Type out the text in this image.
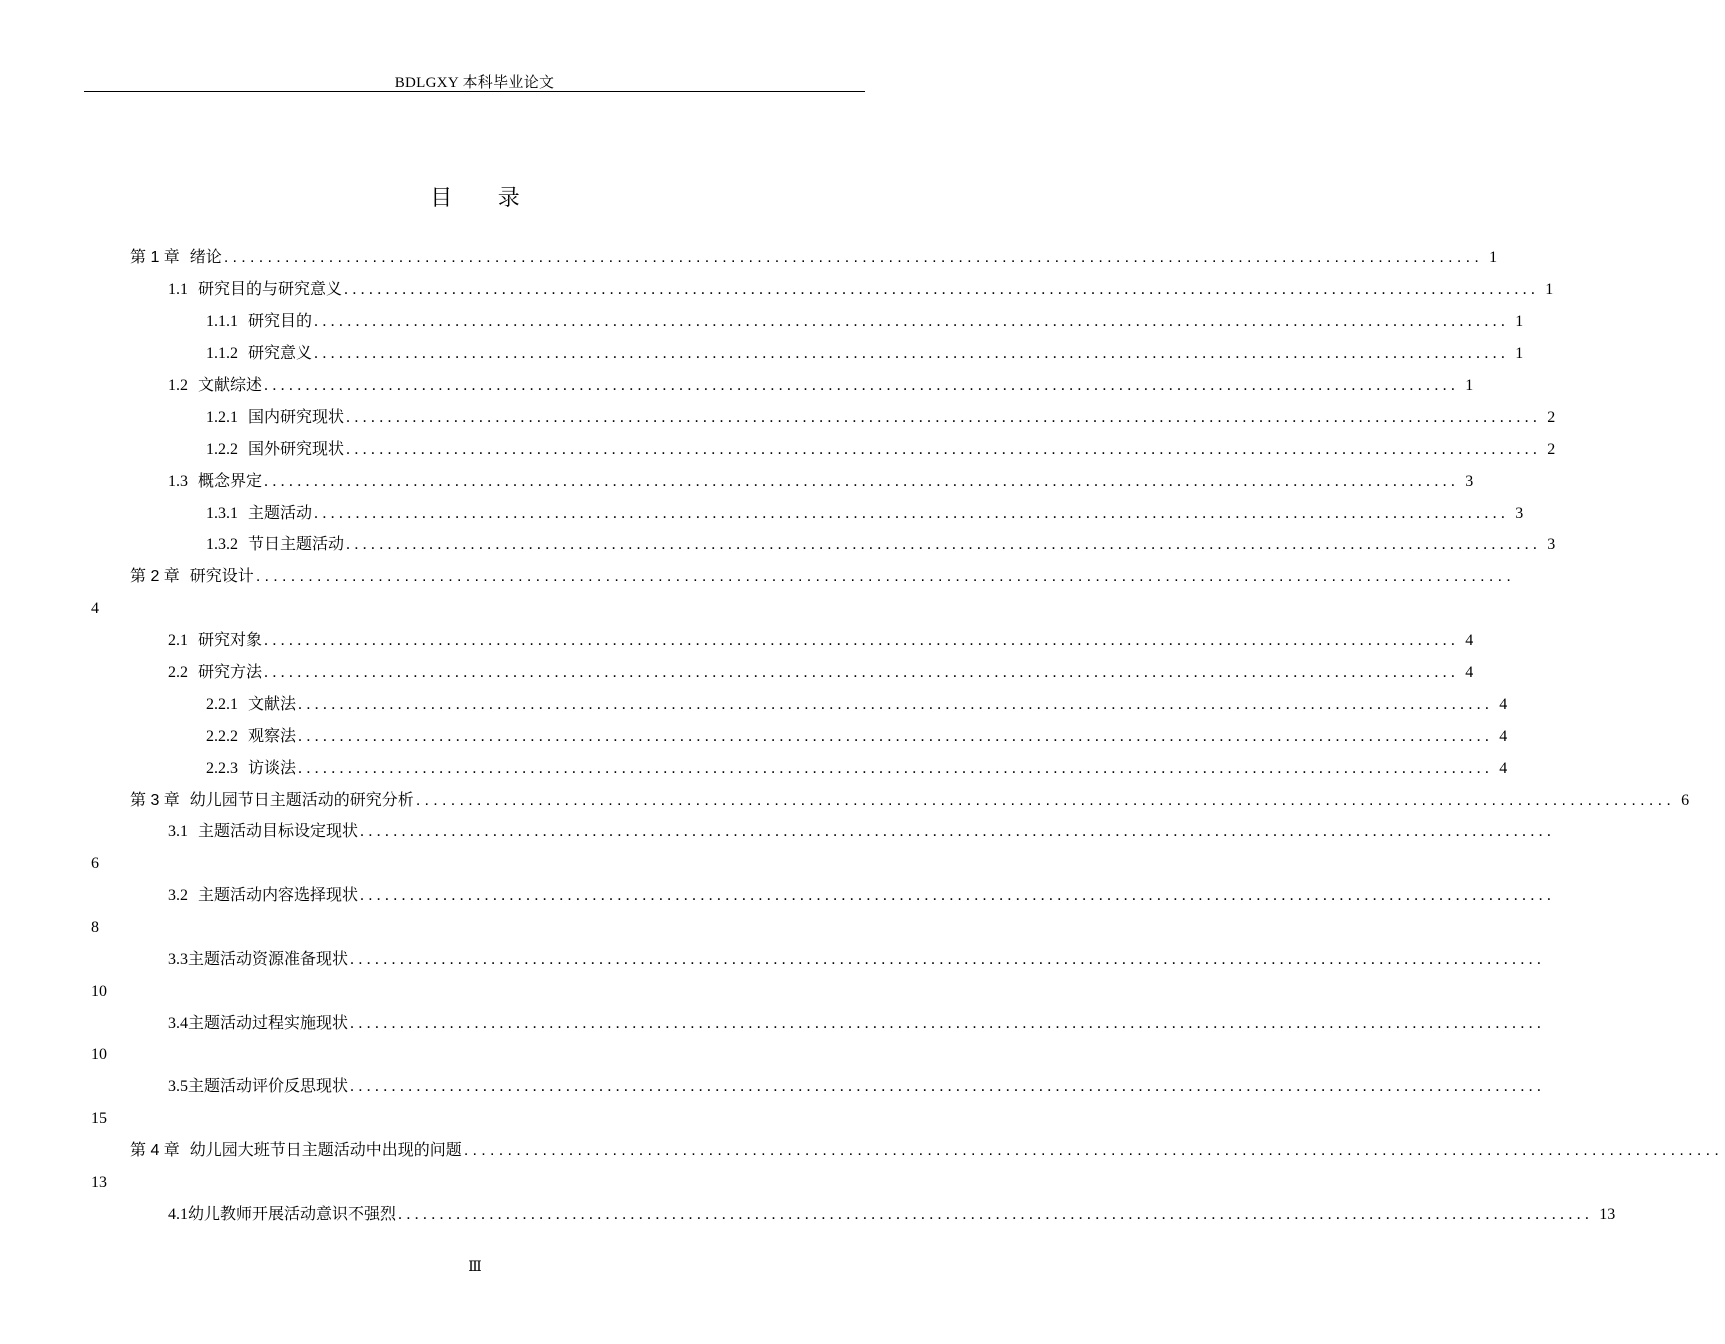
BDLGXY 本科毕业论文
目 录
第 1 章 绪论 ................................................................................................................................................ 1
1.1 研究目的与研究意义 ................................................................................................................................................ 1
1.1.1 研究目的 ................................................................................................................................................ 1
1.1.2 研究意义 ................................................................................................................................................ 1
1.2 文献综述 ................................................................................................................................................ 1
1.2.1 国内研究现状 ................................................................................................................................................ 2
1.2.2 国外研究现状 ................................................................................................................................................ 2
1.3 概念界定 ................................................................................................................................................ 3
1.3.1 主题活动 ................................................................................................................................................ 3
1.3.2 节日主题活动 ................................................................................................................................................ 3
第 2 章 研究设计 ................................................................................................................................................
4
2.1 研究对象 ................................................................................................................................................ 4
2.2 研究方法 ................................................................................................................................................ 4
2.2.1 文献法 ................................................................................................................................................ 4
2.2.2 观察法 ................................................................................................................................................ 4
2.2.3 访谈法 ................................................................................................................................................ 4
第 3 章 幼儿园节日主题活动的研究分析 ................................................................................................................................................ 6
3.1 主题活动目标设定现状 ................................................................................................................................................
6
3.2 主题活动内容选择现状 ................................................................................................................................................
8
3.3 主题活动资源准备现状 ................................................................................................................................................
10
3.4 主题活动过程实施现状 ................................................................................................................................................
10
3.5 主题活动评价反思现状 ................................................................................................................................................
15
第 4 章 幼儿园大班节日主题活动中出现的问题 ................................................................................................................................................
13
4.1 幼儿教师开展活动意识不强烈 ................................................................................................................................................ 13
Ⅲ
